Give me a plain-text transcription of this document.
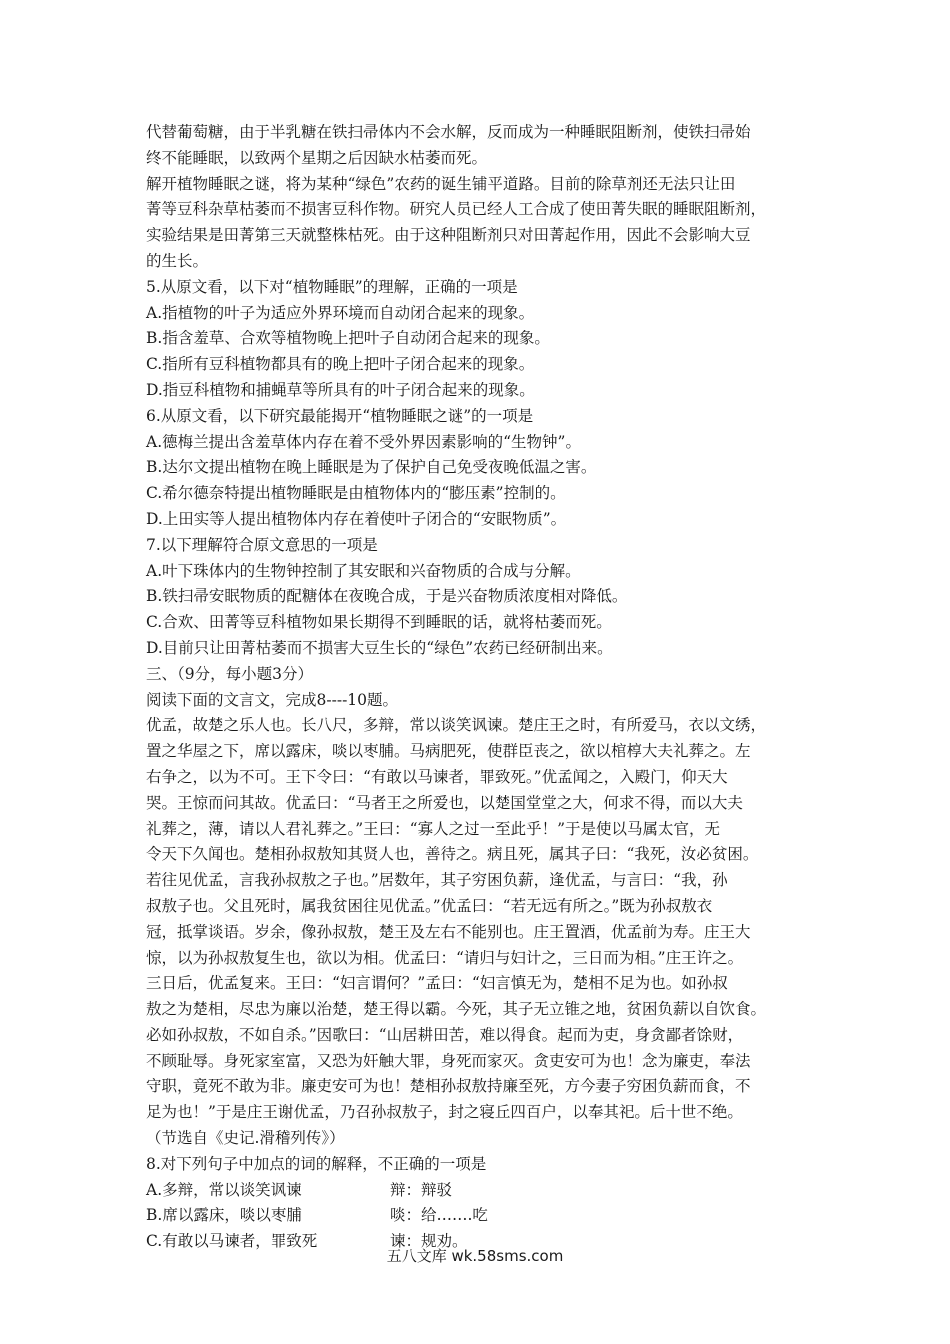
代替葡萄糖，由于半乳糖在铁扫帚体内不会水解，反而成为一种睡眠阻断剂，使铁扫帚始
终不能睡眠，以致两个星期之后因缺水枯萎而死。
解开植物睡眠之谜，将为某种“绿色”农药的诞生铺平道路。目前的除草剂还无法只让田
菁等豆科杂草枯萎而不损害豆科作物。研究人员已经人工合成了使田菁失眠的睡眠阻断剂，
实验结果是田菁第三天就整株枯死。由于这种阻断剂只对田菁起作用，因此不会影响大豆
的生长。
5.从原文看，以下对“植物睡眠”的理解，正确的一项是
A.指植物的叶子为适应外界环境而自动闭合起来的现象。
B.指含羞草、合欢等植物晚上把叶子自动闭合起来的现象。
C.指所有豆科植物都具有的晚上把叶子闭合起来的现象。
D.指豆科植物和捕蝇草等所具有的叶子闭合起来的现象。
6.从原文看，以下研究最能揭开“植物睡眠之谜”的一项是
A.德梅兰提出含羞草体内存在着不受外界因素影响的“生物钟”。
B.达尔文提出植物在晚上睡眠是为了保护自己免受夜晚低温之害。
C.希尔德奈特提出植物睡眠是由植物体内的“膨压素”控制的。
D.上田实等人提出植物体内存在着使叶子闭合的“安眠物质”。
7.以下理解符合原文意思的一项是
A.叶下珠体内的生物钟控制了其安眠和兴奋物质的合成与分解。
B.铁扫帚安眠物质的配糖体在夜晚合成，于是兴奋物质浓度相对降低。
C.合欢、田菁等豆科植物如果长期得不到睡眠的话，就将枯萎而死。
D.目前只让田菁枯萎而不损害大豆生长的“绿色”农药已经研制出来。
三、（9分，每小题3分）
阅读下面的文言文，完成8----10题。
优孟，故楚之乐人也。长八尺，多辩，常以谈笑讽谏。楚庄王之时，有所爱马，衣以文绣，
置之华屋之下，席以露床，啖以枣脯。马病肥死，使群臣丧之，欲以棺椁大夫礼葬之。左
右争之，以为不可。王下令曰：“有敢以马谏者，罪致死。”优孟闻之，入殿门，仰天大
哭。王惊而问其故。优孟曰：“马者王之所爱也，以楚国堂堂之大，何求不得，而以大夫
礼葬之，薄，请以人君礼葬之。”王曰：“寡人之过一至此乎！”于是使以马属太官，无
令天下久闻也。楚相孙叔敖知其贤人也，善待之。病且死，属其子曰：“我死，汝必贫困。
若往见优孟，言我孙叔敖之子也。”居数年，其子穷困负薪，逢优孟，与言曰：“我，孙
叔敖子也。父且死时，属我贫困往见优孟。”优孟曰：“若无远有所之。”既为孙叔敖衣
冠，抵掌谈语。岁余，像孙叔敖，楚王及左右不能别也。庄王置酒，优孟前为寿。庄王大
惊，以为孙叔敖复生也，欲以为相。优孟曰：“请归与妇计之，三日而为相。”庄王许之。
三日后，优孟复来。王曰：“妇言谓何？”孟曰：“妇言慎无为，楚相不足为也。如孙叔
敖之为楚相，尽忠为廉以治楚，楚王得以霸。今死，其子无立锥之地，贫困负薪以自饮食。
必如孙叔敖，不如自杀。”因歌曰：“山居耕田苦，难以得食。起而为吏，身贪鄙者馀财，
不顾耻辱。身死家室富，又恐为奸触大罪，身死而家灭。贪吏安可为也！念为廉吏，奉法
守职，竟死不敢为非。廉吏安可为也！楚相孙叔敖持廉至死，方今妻子穷困负薪而食，不
足为也！”于是庄王谢优孟，乃召孙叔敖子，封之寝丘四百户，以奉其祀。后十世不绝。
（节选自《史记.滑稽列传》）
8.对下列句子中加点的词的解释，不正确的一项是
A.多辩，常以谈笑讽谏	辩：辩驳
B.席以露床，啖以枣脯	啖：给…….吃
C.有敢以马谏者，罪致死	谏：规劝。
五八文库 wk.58sms.com
